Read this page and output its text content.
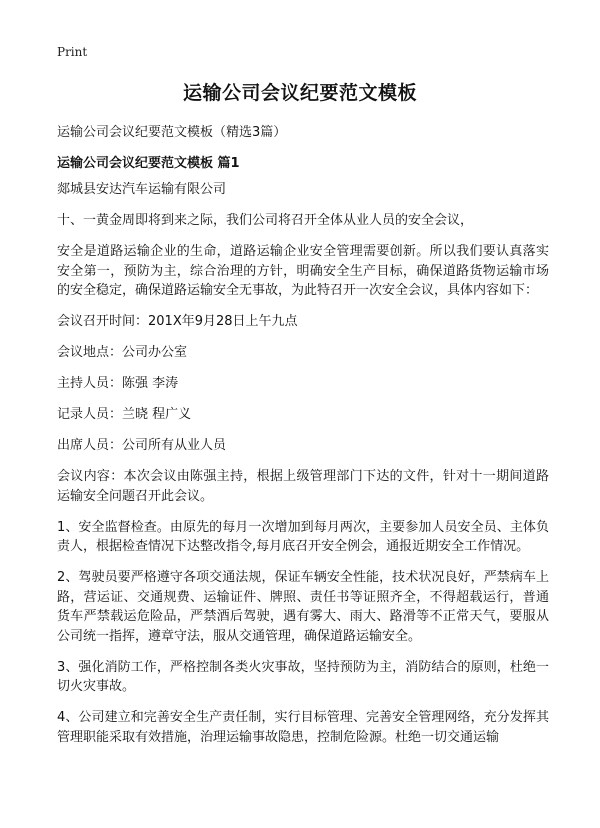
Print
运输公司会议纪要范文模板

运输公司会议纪要范文模板（精选3篇）

运输公司会议纪要范文模板 篇1

郯城县安达汽车运输有限公司

十、一黄金周即将到来之际，我们公司将召开全体从业人员的安全会议，

安全是道路运输企业的生命，道路运输企业安全管理需要创新。所以我们要认真落实安全第一，预防为主，综合治理的方针，明确安全生产目标，确保道路货物运输市场的安全稳定，确保道路运输安全无事故，为此特召开一次安全会议，具体内容如下：

会议召开时间：201X年9月28日上午九点

会议地点：公司办公室

主持人员：陈强 李涛

记录人员：兰晓 程广义

出席人员：公司所有从业人员

会议内容：本次会议由陈强主持，根据上级管理部门下达的文件，针对十一期间道路运输安全问题召开此会议。

1、安全监督检查。由原先的每月一次增加到每月两次，主要参加人员安全员、主体负责人，根据检查情况下达整改指令,每月底召开安全例会，通报近期安全工作情况。

2、驾驶员要严格遵守各项交通法规，保证车辆安全性能，技术状况良好，严禁病车上路，营运证、交通规费、运输证件、牌照、责任书等证照齐全，不得超载运行，普通货车严禁载运危险品，严禁酒后驾驶，遇有雾大、雨大、路滑等不正常天气，要服从公司统一指挥，遵章守法，服从交通管理，确保道路运输安全。

3、强化消防工作，严格控制各类火灾事故，坚持预防为主，消防结合的原则，杜绝一切火灾事故。

4、公司建立和完善安全生产责任制，实行目标管理、完善安全管理网络，充分发挥其管理职能采取有效措施，治理运输事故隐患，控制危险源。杜绝一切交通运输
